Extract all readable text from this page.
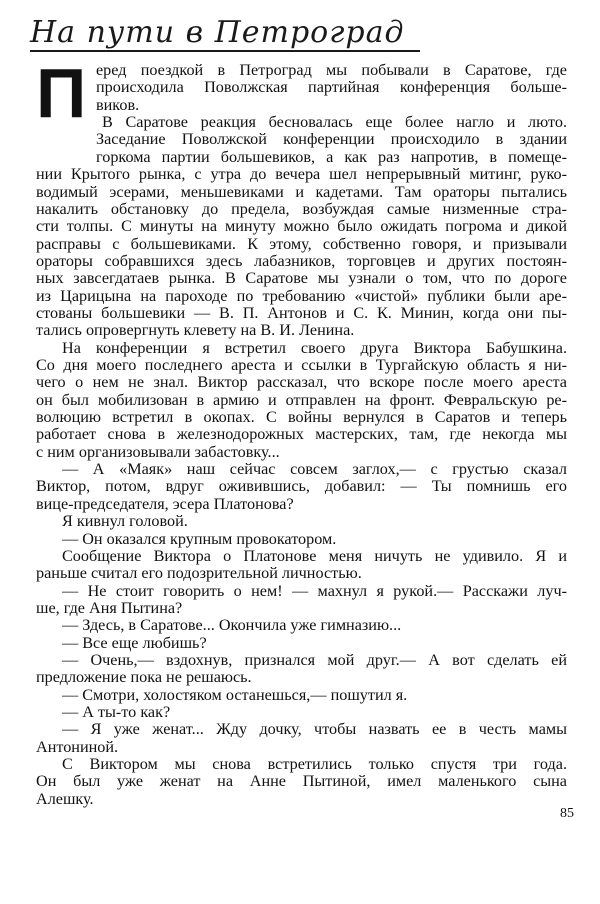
На пути в Петроград
П еред поездкой в Петроград мы побывали в Саратове, где
происходила Поволжская партийная конференция больше-
виков.
В Саратове реакция бесновалась еще более нагло и люто.
Заседание Поволжской конференции происходило в здании
горкома партии большевиков, а как раз напротив, в помеще-
нии Крытого рынка, с утра до вечера шел непрерывный митинг, руко-
водимый эсерами, меньшевиками и кадетами. Там ораторы пытались
накалить обстановку до предела, возбуждая самые низменные стра-
сти толпы. С минуты на минуту можно было ожидать погрома и дикой
расправы с большевиками. К этому, собственно говоря, и призывали
ораторы собравшихся здесь лабазников, торговцев и других постоян-
ных завсегдатаев рынка. В Саратове мы узнали о том, что по дороге
из Царицына на пароходе по требованию «чистой» публики были аре-
стованы большевики — В. П. Антонов и С. К. Минин, когда они пы-
тались опровергнуть клевету на В. И. Ленина.
На конференции я встретил своего друга Виктора Бабушкина.
Со дня моего последнего ареста и ссылки в Тургайскую область я ни-
чего о нем не знал. Виктор рассказал, что вскоре после моего ареста
он был мобилизован в армию и отправлен на фронт. Февральскую ре-
волюцию встретил в окопах. С войны вернулся в Саратов и теперь
работает снова в железнодорожных мастерских, там, где некогда мы
с ним организовывали забастовку...
— А «Маяк» наш сейчас совсем заглох,— с грустью сказал
Виктор, потом, вдруг оживившись, добавил: — Ты помнишь его
вице-председателя, эсера Платонова?
Я кивнул головой.
— Он оказался крупным провокатором.
Сообщение Виктора о Платонове меня ничуть не удивило. Я и
раньше считал его подозрительной личностью.
— Не стоит говорить о нем! — махнул я рукой.— Расскажи луч-
ше, где Аня Пытина?
— Здесь, в Саратове... Окончила уже гимназию...
— Все еще любишь?
— Очень,— вздохнув, признался мой друг.— А вот сделать ей
предложение пока не решаюсь.
— Смотри, холостяком останешься,— пошутил я.
— А ты-то как?
— Я уже женат... Жду дочку, чтобы назвать ее в честь мамы
Антониной.
С Виктором мы снова встретились только спустя три года.
Он был уже женат на Анне Пытиной, имел маленького сына
Алешку.
85
